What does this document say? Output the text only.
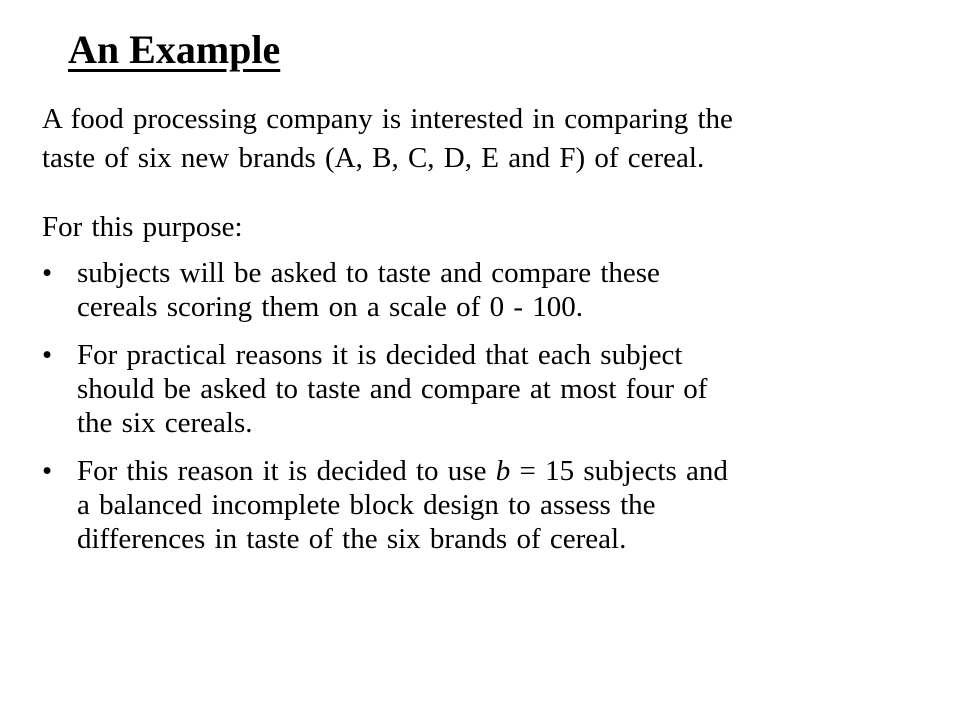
An Example

A food processing company is interested in comparing the
taste of six new brands (A, B, C, D, E and F) of cereal.

For this purpose:

• subjects will be asked to taste and compare these
cereals scoring them on a scale of 0 - 100.
• For practical reasons it is decided that each subject
should be asked to taste and compare at most four of
the six cereals.
• For this reason it is decided to use b = 15 subjects and
a balanced incomplete block design to assess the
differences in taste of the six brands of cereal.
